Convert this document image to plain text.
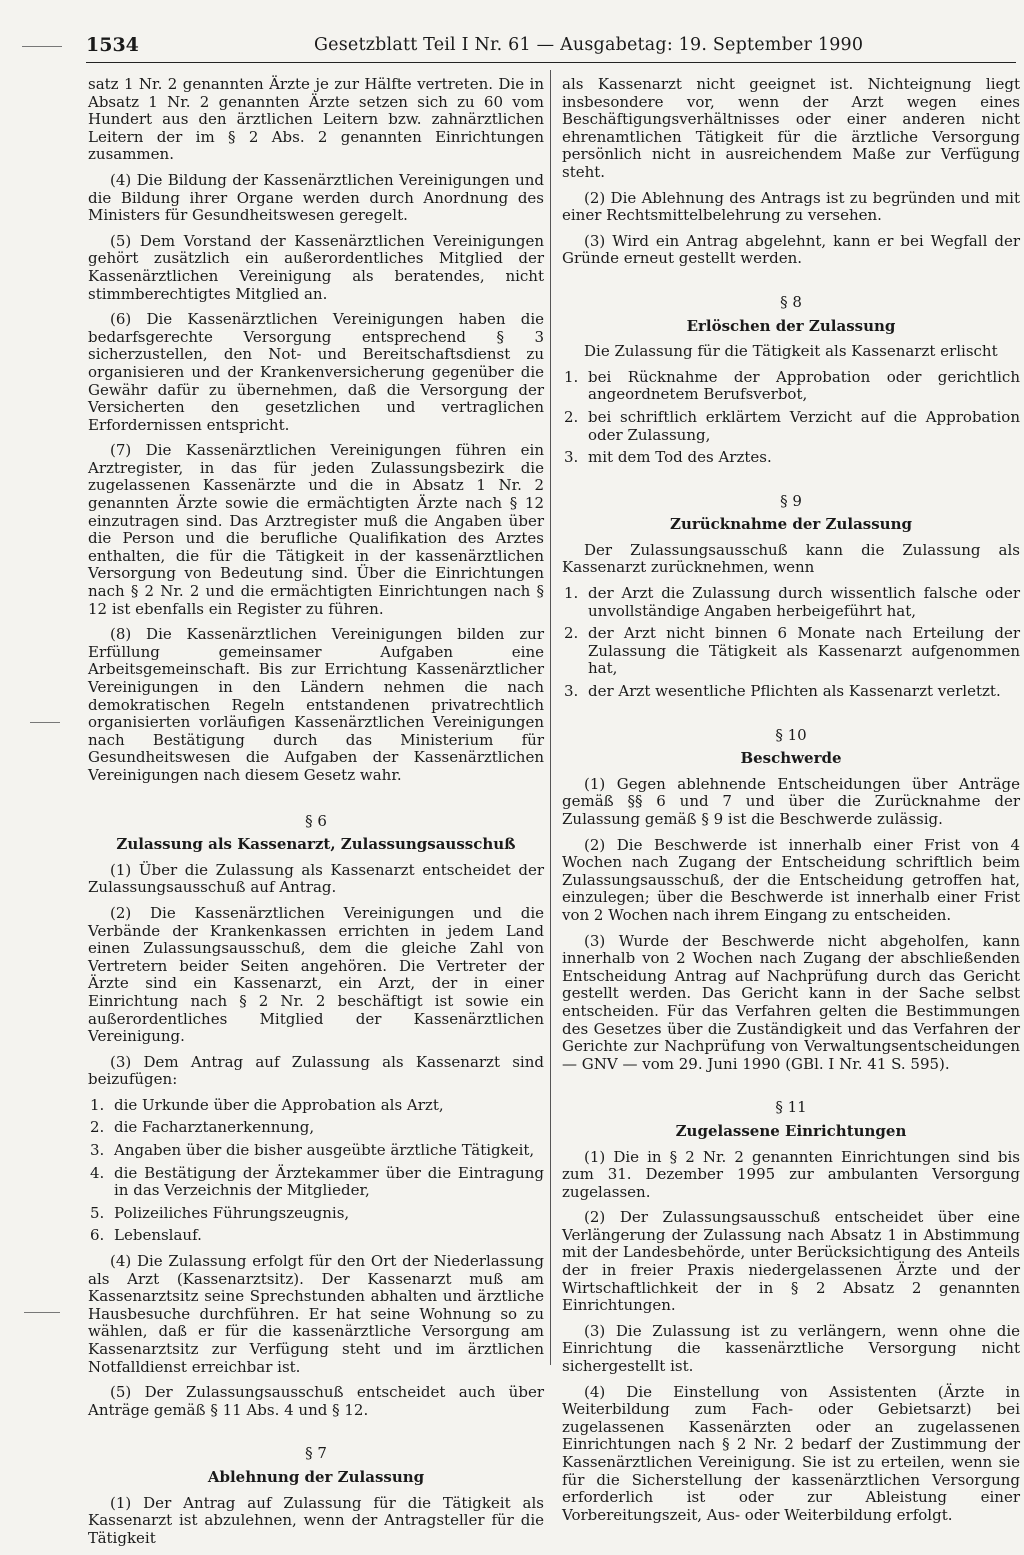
1534	Gesetzblatt Teil I Nr. 61 — Ausgabetag: 19. September 1990

satz 1 Nr. 2 genannten Ärzte je zur Hälfte vertreten. Die in Absatz 1 Nr. 2 genannten Ärzte setzen sich zu 60 vom Hundert aus den ärztlichen Leitern bzw. zahnärztlichen Leitern der im § 2 Abs. 2 genannten Einrichtungen zusammen.

(4) Die Bildung der Kassenärztlichen Vereinigungen und die Bildung ihrer Organe werden durch Anordnung des Ministers für Gesundheitswesen geregelt.

(5) Dem Vorstand der Kassenärztlichen Vereinigungen gehört zusätzlich ein außerordentliches Mitglied der Kassenärztlichen Vereinigung als beratendes, nicht stimmberechtigtes Mitglied an.

(6) Die Kassenärztlichen Vereinigungen haben die bedarfsgerechte Versorgung entsprechend § 3 sicherzustellen, den Not- und Bereitschaftsdienst zu organisieren und der Krankenversicherung gegenüber die Gewähr dafür zu übernehmen, daß die Versorgung der Versicherten den gesetzlichen und vertraglichen Erfordernissen entspricht.

(7) Die Kassenärztlichen Vereinigungen führen ein Arztregister, in das für jeden Zulassungsbezirk die zugelassenen Kassenärzte und die in Absatz 1 Nr. 2 genannten Ärzte sowie die ermächtigten Ärzte nach § 12 einzutragen sind. Das Arztregister muß die Angaben über die Person und die berufliche Qualifikation des Arztes enthalten, die für die Tätigkeit in der kassenärztlichen Versorgung von Bedeutung sind. Über die Einrichtungen nach § 2 Nr. 2 und die ermächtigten Einrichtungen nach § 12 ist ebenfalls ein Register zu führen.

(8) Die Kassenärztlichen Vereinigungen bilden zur Erfüllung gemeinsamer Aufgaben eine Arbeitsgemeinschaft. Bis zur Errichtung Kassenärztlicher Vereinigungen in den Ländern nehmen die nach demokratischen Regeln entstandenen privatrechtlich organisierten vorläufigen Kassenärztlichen Vereinigungen nach Bestätigung durch das Ministerium für Gesundheitswesen die Aufgaben der Kassenärztlichen Vereinigungen nach diesem Gesetz wahr.

§ 6
Zulassung als Kassenarzt, Zulassungsausschuß

(1) Über die Zulassung als Kassenarzt entscheidet der Zulassungsausschuß auf Antrag.

(2) Die Kassenärztlichen Vereinigungen und die Verbände der Krankenkassen errichten in jedem Land einen Zulassungsausschuß, dem die gleiche Zahl von Vertretern beider Seiten angehören. Die Vertreter der Ärzte sind ein Kassenarzt, ein Arzt, der in einer Einrichtung nach § 2 Nr. 2 beschäftigt ist sowie ein außerordentliches Mitglied der Kassenärztlichen Vereinigung.

(3) Dem Antrag auf Zulassung als Kassenarzt sind beizufügen:

1. die Urkunde über die Approbation als Arzt,
2. die Facharztanerkennung,
3. Angaben über die bisher ausgeübte ärztliche Tätigkeit,
4. die Bestätigung der Ärztekammer über die Eintragung in das Verzeichnis der Mitglieder,
5. Polizeiliches Führungszeugnis,
6. Lebenslauf.

(4) Die Zulassung erfolgt für den Ort der Niederlassung als Arzt (Kassenarztsitz). Der Kassenarzt muß am Kassenarztsitz seine Sprechstunden abhalten und ärztliche Hausbesuche durchführen. Er hat seine Wohnung so zu wählen, daß er für die kassenärztliche Versorgung am Kassenarztsitz zur Verfügung steht und im ärztlichen Notfalldienst erreichbar ist.

(5) Der Zulassungsausschuß entscheidet auch über Anträge gemäß § 11 Abs. 4 und § 12.

§ 7
Ablehnung der Zulassung

(1) Der Antrag auf Zulassung für die Tätigkeit als Kassenarzt ist abzulehnen, wenn der Antragsteller für die Tätigkeit

als Kassenarzt nicht geeignet ist. Nichteignung liegt insbesondere vor, wenn der Arzt wegen eines Beschäftigungsverhältnisses oder einer anderen nicht ehrenamtlichen Tätigkeit für die ärztliche Versorgung persönlich nicht in ausreichendem Maße zur Verfügung steht.

(2) Die Ablehnung des Antrags ist zu begründen und mit einer Rechtsmittelbelehrung zu versehen.

(3) Wird ein Antrag abgelehnt, kann er bei Wegfall der Gründe erneut gestellt werden.

§ 8
Erlöschen der Zulassung

Die Zulassung für die Tätigkeit als Kassenarzt erlischt

1. bei Rücknahme der Approbation oder gerichtlich angeordnetem Berufsverbot,
2. bei schriftlich erklärtem Verzicht auf die Approbation oder Zulassung,
3. mit dem Tod des Arztes.
§ 9
Zurücknahme der Zulassung

Der Zulassungsausschuß kann die Zulassung als Kassenarzt zurücknehmen, wenn

1. der Arzt die Zulassung durch wissentlich falsche oder unvollständige Angaben herbeigeführt hat,
2. der Arzt nicht binnen 6 Monate nach Erteilung der Zulassung die Tätigkeit als Kassenarzt aufgenommen hat,
3. der Arzt wesentliche Pflichten als Kassenarzt verletzt.
§ 10
Beschwerde

(1) Gegen ablehnende Entscheidungen über Anträge gemäß §§ 6 und 7 und über die Zurücknahme der Zulassung gemäß § 9 ist die Beschwerde zulässig.

(2) Die Beschwerde ist innerhalb einer Frist von 4 Wochen nach Zugang der Entscheidung schriftlich beim Zulassungsausschuß, der die Entscheidung getroffen hat, einzulegen; über die Beschwerde ist innerhalb einer Frist von 2 Wochen nach ihrem Eingang zu entscheiden.

(3) Wurde der Beschwerde nicht abgeholfen, kann innerhalb von 2 Wochen nach Zugang der abschließenden Entscheidung Antrag auf Nachprüfung durch das Gericht gestellt werden. Das Gericht kann in der Sache selbst entscheiden. Für das Verfahren gelten die Bestimmungen des Gesetzes über die Zuständigkeit und das Verfahren der Gerichte zur Nachprüfung von Verwaltungsentscheidungen — GNV — vom 29. Juni 1990 (GBl. I Nr. 41 S. 595).

§ 11
Zugelassene Einrichtungen

(1) Die in § 2 Nr. 2 genannten Einrichtungen sind bis zum 31. Dezember 1995 zur ambulanten Versorgung zugelassen.

(2) Der Zulassungsausschuß entscheidet über eine Verlängerung der Zulassung nach Absatz 1 in Abstimmung mit der Landesbehörde, unter Berücksichtigung des Anteils der in freier Praxis niedergelassenen Ärzte und der Wirtschaftlichkeit der in § 2 Absatz 2 genannten Einrichtungen.

(3) Die Zulassung ist zu verlängern, wenn ohne die Einrichtung die kassenärztliche Versorgung nicht sichergestellt ist.

(4) Die Einstellung von Assistenten (Ärzte in Weiterbildung zum Fach- oder Gebietsarzt) bei zugelassenen Kassenärzten oder an zugelassenen Einrichtungen nach § 2 Nr. 2 bedarf der Zustimmung der Kassenärztlichen Vereinigung. Sie ist zu erteilen, wenn sie für die Sicherstellung der kassenärztlichen Versorgung erforderlich ist oder zur Ableistung einer Vorbereitungszeit, Aus- oder Weiterbildung erfolgt.
